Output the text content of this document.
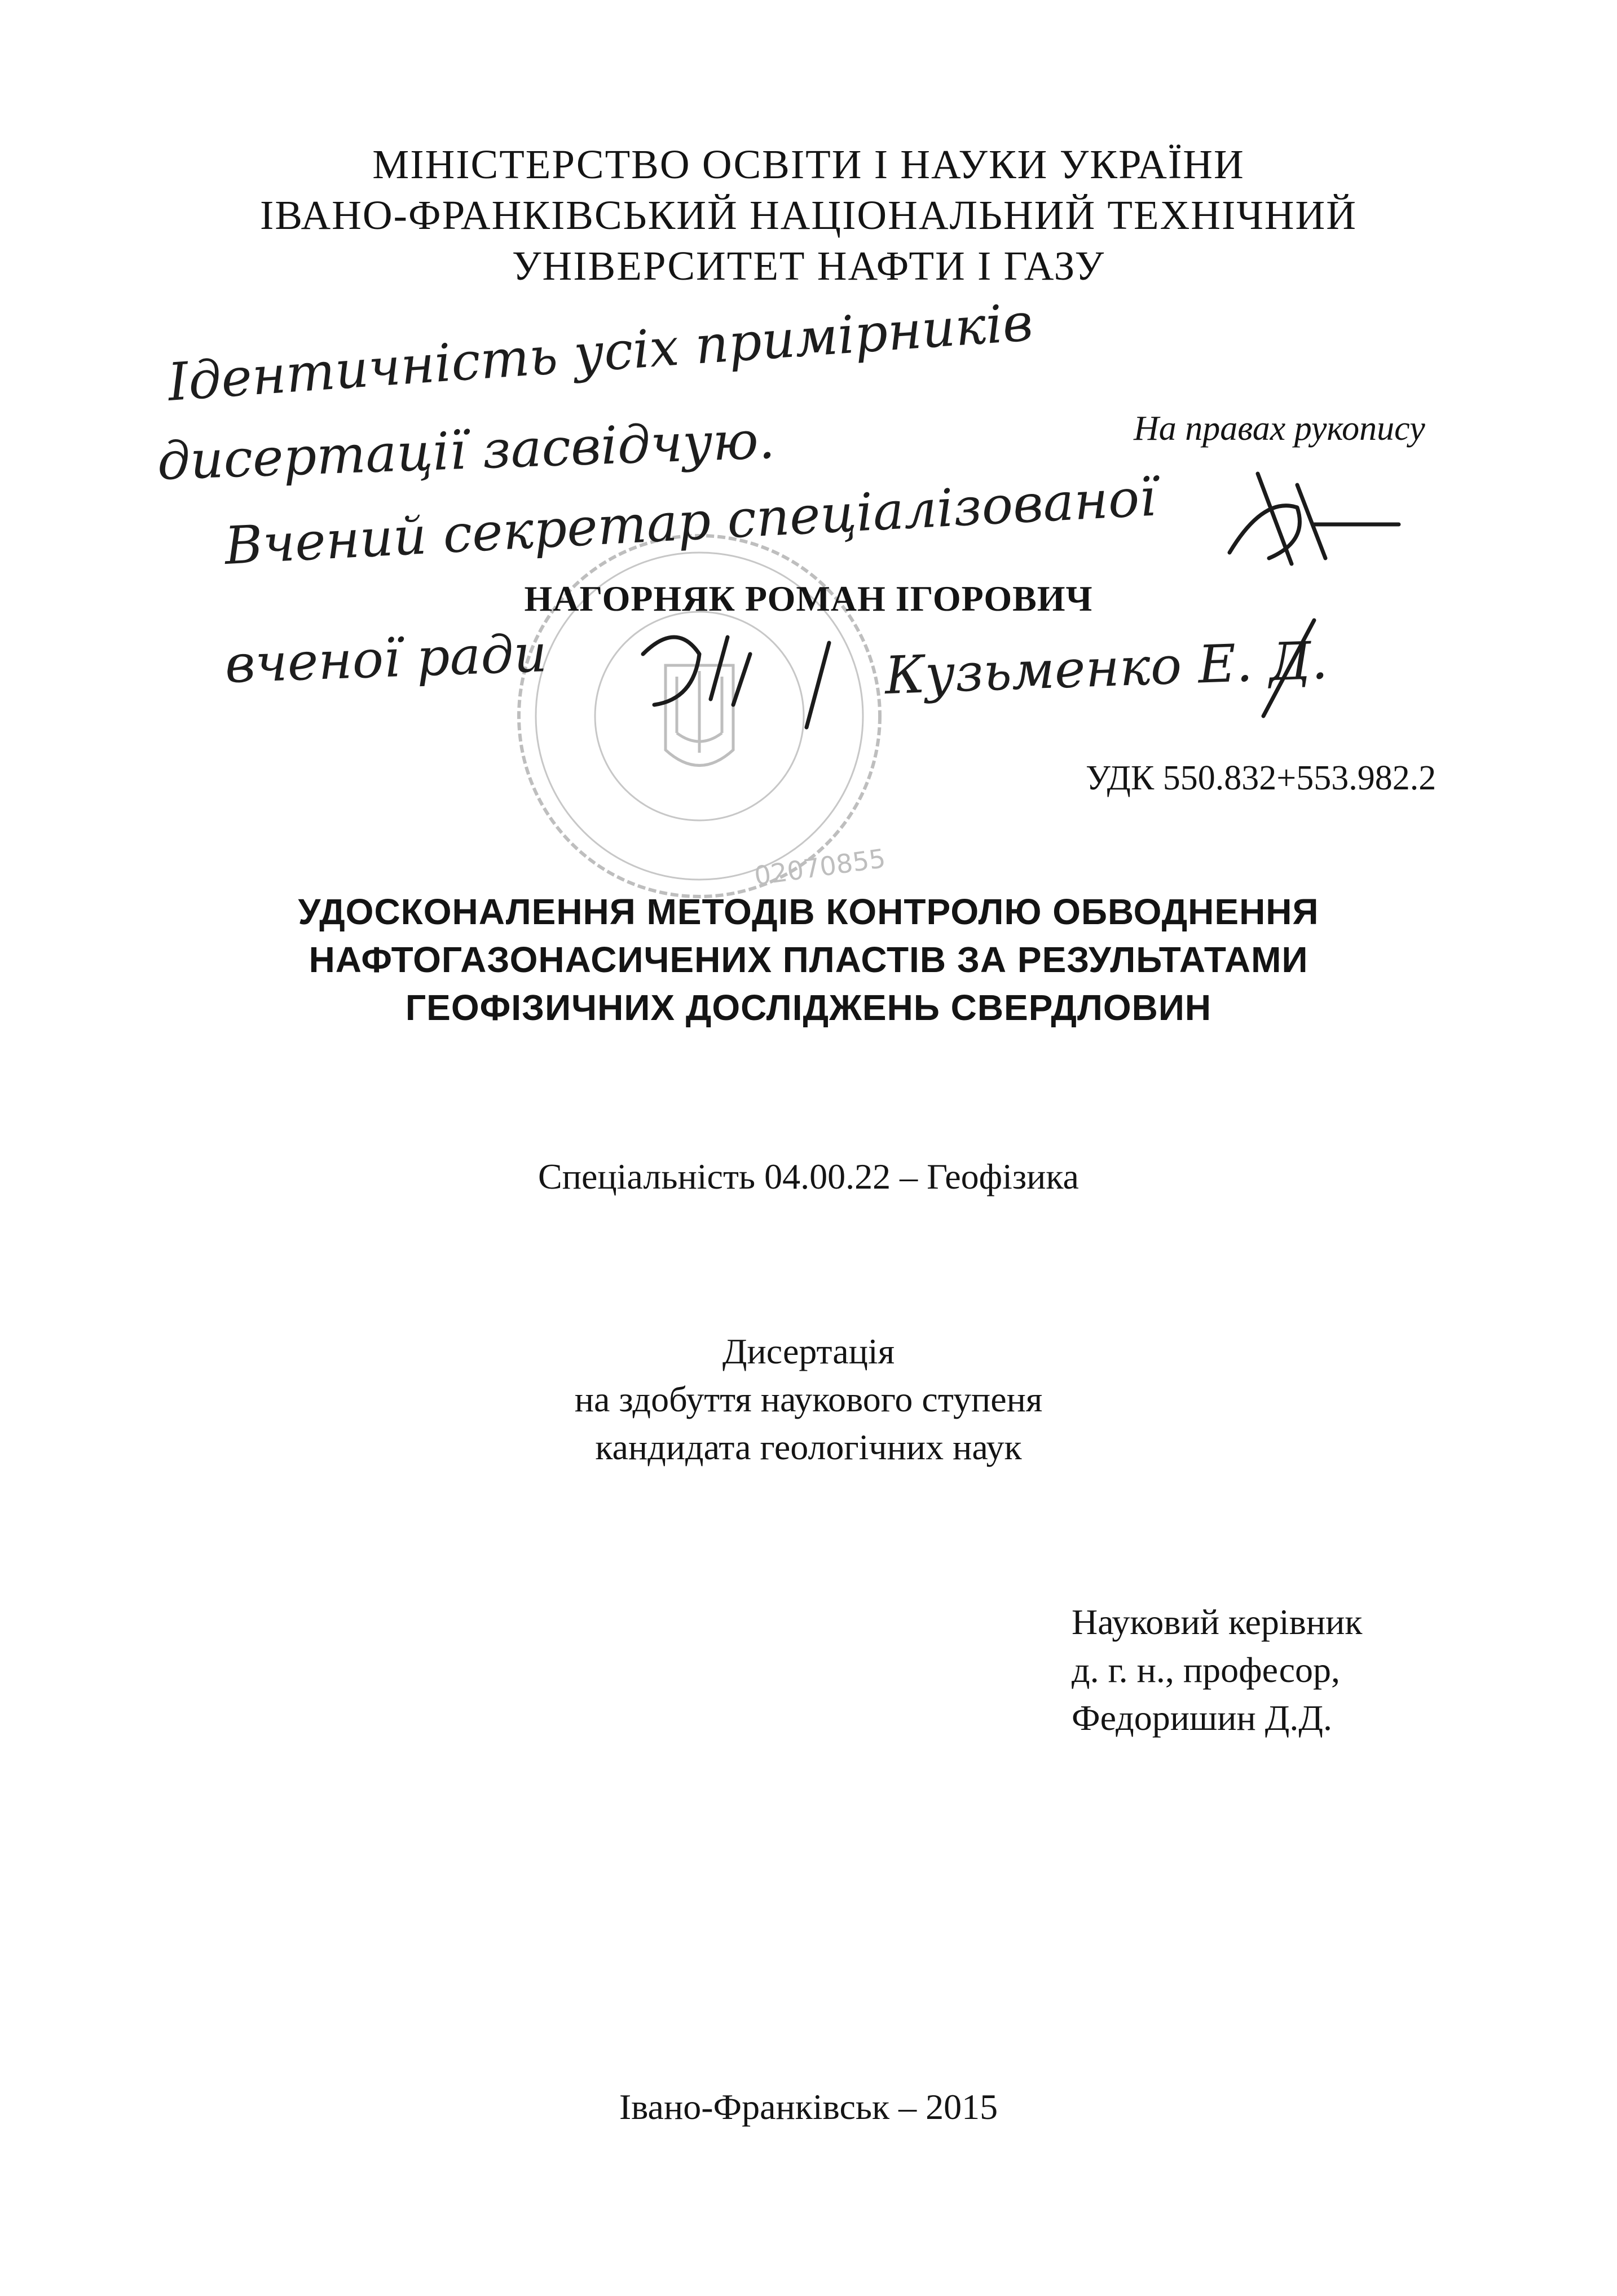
МІНІСТЕРСТВО ОСВІТИ І НАУКИ УКРАЇНИ
ІВАНО-ФРАНКІВСЬКИЙ НАЦІОНАЛЬНИЙ ТЕХНІЧНИЙ
УНІВЕРСИТЕТ НАФТИ І ГАЗУ
На правах рукопису
02070855
НАГОРНЯК РОМАН ІГОРОВИЧ
Ідентичність усіх примірників
дисертації засвідчую.
Вчений секретар спеціалізованої
вченої ради	Кузьменко Е. Д.
УДК 550.832+553.982.2
УДОСКОНАЛЕННЯ МЕТОДІВ КОНТРОЛЮ ОБВОДНЕННЯ
НАФТОГАЗОНАСИЧЕНИХ ПЛАСТІВ ЗА РЕЗУЛЬТАТАМИ
ГЕОФІЗИЧНИХ ДОСЛІДЖЕНЬ СВЕРДЛОВИН
Спеціальність 04.00.22 – Геофізика
Дисертація
на здобуття наукового ступеня
кандидата геологічних наук
Науковий керівник
д. г. н., професор,
Федоришин Д.Д.
Івано-Франківськ – 2015
